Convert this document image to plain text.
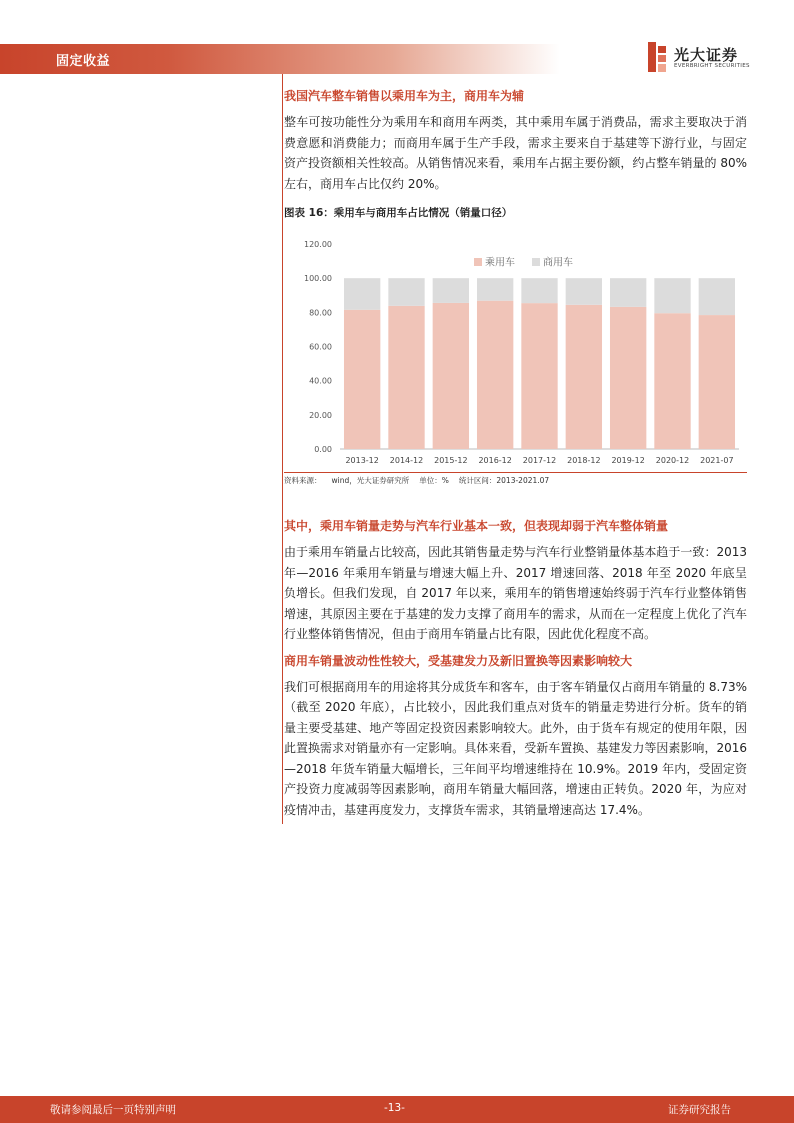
固定收益	光大证券
EVERBRIGHT SECURITIES
我国汽车整车销售以乘用车为主，商用车为辅

整车可按功能性分为乘用车和商用车两类，其中乘用车属于消费品，需求主要取决于消费意愿和消费能力；而商用车属于生产手段，需求主要来自于基建等下游行业，与固定资产投资额相关性较高。从销售情况来看，乘用车占据主要份额，约占整车销量的 80%左右，商用车占比仅约 20%。

图表 16：乘用车与商用车占比情况（销量口径）
0.00
20.00
40.00
60.00
80.00
100.00
120.00
2013-12 2014-12 2015-12 2016-12 2017-12 2018-12 2019-12 2020-12 2021-07
乘用车	商用车
资料来源： wind，光大证券研究所 单位：% 统计区间：2013-2021.07
其中，乘用车销量走势与汽车行业基本一致，但表现却弱于汽车整体销量

由于乘用车销量占比较高，因此其销售量走势与汽车行业整销量体基本趋于一致：2013 年—2016 年乘用车销量与增速大幅上升、2017 增速回落、2018 年至 2020 年底呈负增长。但我们发现，自 2017 年以来，乘用车的销售增速始终弱于汽车行业整体销售增速，其原因主要在于基建的发力支撑了商用车的需求，从而在一定程度上优化了汽车行业整体销售情况，但由于商用车销量占比有限，因此优化程度不高。

商用车销量波动性性较大，受基建发力及新旧置换等因素影响较大

我们可根据商用车的用途将其分成货车和客车，由于客车销量仅占商用车销量的 8.73%（截至 2020 年底），占比较小，因此我们重点对货车的销量走势进行分析。货车的销量主要受基建、地产等固定投资因素影响较大。此外，由于货车有规定的使用年限，因此置换需求对销量亦有一定影响。具体来看，受新车置换、基建发力等因素影响，2016—2018 年货车销量大幅增长，三年间平均增速维持在 10.9%。2019 年内，受固定资产投资力度减弱等因素影响，商用车销量大幅回落，增速由正转负。2020 年，为应对疫情冲击，基建再度发力，支撑货车需求，其销量增速高达 17.4%。

敬请参阅最后一页特别声明	-13-	证券研究报告
